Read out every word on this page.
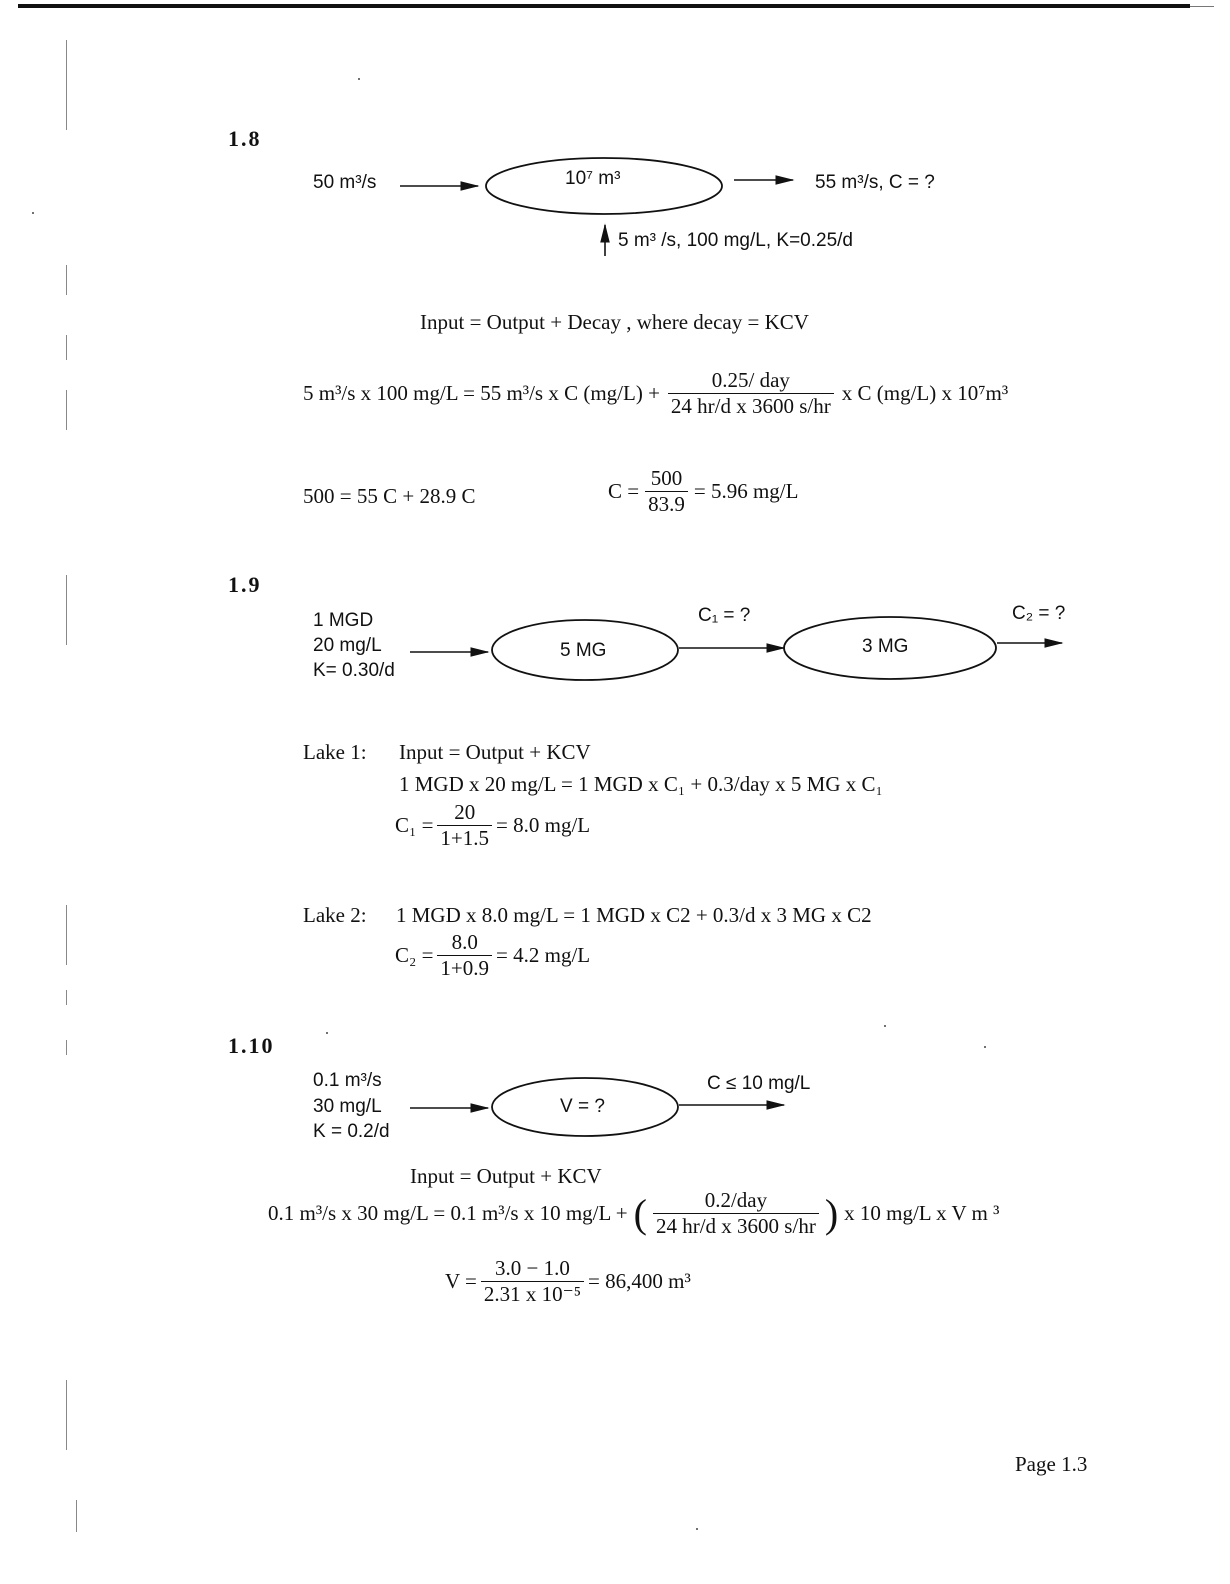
1.8
50 m³/s	10⁷ m³	55 m³/s, C = ?
5 m³ /s, 100 mg/L, K=0.25/d
Input = Output + Decay , where decay = KCV
5 m³/s x 100 mg/L = 55 m³/s x C $(mg/L) + \frac{\text{0.25/ day}}{\text{24 hr/d x 3600 s/hr}}$ x C (mg/L) x 10⁷m³
500 = 55 C + 28.9 C	$C = \frac{500}{83.9} = 5.96$ mg/L
1.9
1 MGD
20 mg/L
K= 0.30/d
5 MG
C₁ = ?
3 MG
C₂ = ?
Lake 1: Input = Output + KCV
1 MGD x 20 mg/L = 1 MGD x C₁ + 0.3/day x 5 MG x C₁
$C_1 = \frac{20}{1+1.5} = 8.0$ mg/L
Lake 2: 1 MGD x 8.0 mg/L = 1 MGD x C2 + 0.3/d x 3 MG x C2
$C_2 = \frac{8.0}{1+0.9} = 4.2$ mg/L
1.10
0.1 m³/s
30 mg/L
K = 0.2/d
V = ?
C ≤ 10 mg/L
Input = Output + KCV
0.1 m³/s x 30 mg/L = 0.1 m³/s x 10 mg/L + ( $\frac{\text{0.2/day}}{\text{24 hr/d x 3600 s/hr}}$ ) x 10 mg/L x V m ³
$V = \frac{3.0 - 1.0}{\text{2.31 x 10⁻⁵}} = 86,400$ m³
Page 1.3
